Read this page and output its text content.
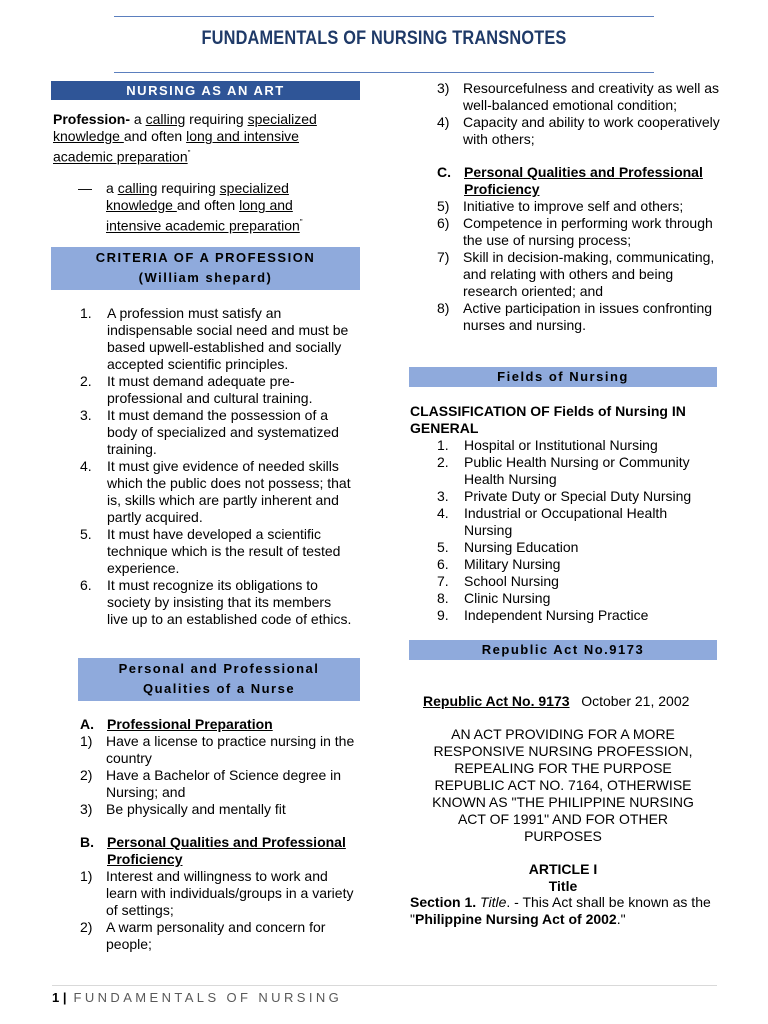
FUNDAMENTALS OF NURSING TRANSNOTES
NURSING AS AN ART
Profession- a calling requiring specialized
knowledge and often long and intensive
academic preparation"
— a calling requiring specialized
knowledge and often long and
intensive academic preparation"
CRITERIA OF A PROFESSION
(William shepard)
1. A profession must satisfy an indispensable social need and must be based upwell-established and socially accepted scientific principles.
2. It must demand adequate pre-professional and cultural training.
3. It must demand the possession of a body of specialized and systematized training.
4. It must give evidence of needed skills which the public does not possess; that is, skills which are partly inherent and partly acquired.
5. It must have developed a scientific technique which is the result of tested experience.
6. It must recognize its obligations to society by insisting that its members live up to an established code of ethics.
Personal and Professional
Qualities of a Nurse
A. Professional Preparation
1) Have a license to practice nursing in the country
2) Have a Bachelor of Science degree in Nursing; and
3) Be physically and mentally fit
B. Personal Qualities and Professional Proficiency
1) Interest and willingness to work and learn with individuals/groups in a variety of settings;
2) A warm personality and concern for people;
3) Resourcefulness and creativity as well as well-balanced emotional condition;
4) Capacity and ability to work cooperatively with others;
C. Personal Qualities and Professional Proficiency
5) Initiative to improve self and others;
6) Competence in performing work through the use of nursing process;
7) Skill in decision-making, communicating, and relating with others and being research oriented; and
8) Active participation in issues confronting nurses and nursing.
Fields of Nursing
CLASSIFICATION OF Fields of Nursing IN GENERAL
1. Hospital or Institutional Nursing
2. Public Health Nursing or Community Health Nursing
3. Private Duty or Special Duty Nursing
4. Industrial or Occupational Health Nursing
5. Nursing Education
6. Military Nursing
7. School Nursing
8. Clinic Nursing
9. Independent Nursing Practice
Republic Act No.9173
Republic Act No. 9173 October 21, 2002
AN ACT PROVIDING FOR A MORE RESPONSIVE NURSING PROFESSION, REPEALING FOR THE PURPOSE REPUBLIC ACT NO. 7164, OTHERWISE KNOWN AS "THE PHILIPPINE NURSING ACT OF 1991" AND FOR OTHER PURPOSES
ARTICLE I
Title
Section 1. Title. - This Act shall be known as the "Philippine Nursing Act of 2002."
1 | FUNDAMENTALS OF NURSING
